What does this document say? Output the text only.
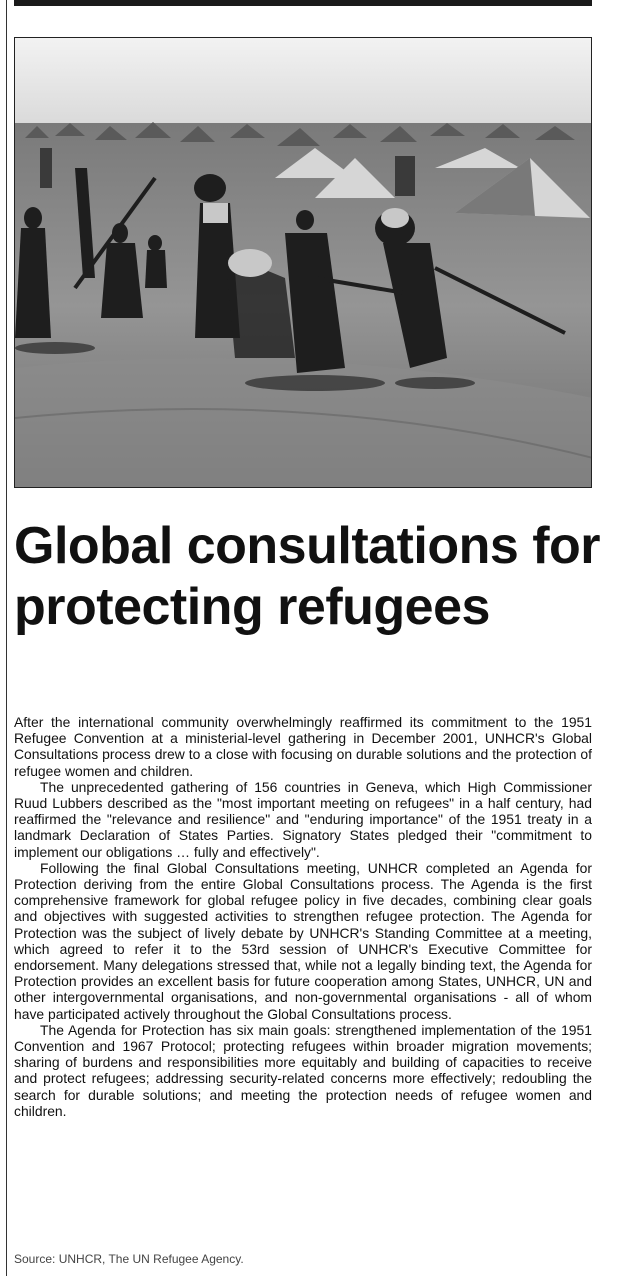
Global consultations for protecting refugees

After the international community overwhelmingly reaffirmed its commitment to the 1951 Refugee Convention at a ministerial-level gathering in December 2001, UNHCR's Global Consultations process drew to a close with focusing on durable solutions and the protection of refugee women and children.

The unprecedented gathering of 156 countries in Geneva, which High Commissioner Ruud Lubbers described as the "most important meeting on refugees" in a half century, had reaffirmed the "relevance and resilience" and "enduring importance" of the 1951 treaty in a landmark Declaration of States Parties. Signatory States pledged their "commitment to implement our obligations … fully and effectively".

Following the final Global Consultations meeting, UNHCR completed an Agenda for Protection deriving from the entire Global Consultations process. The Agenda is the first comprehensive framework for global refugee policy in five decades, combining clear goals and objectives with suggested activities to strengthen refugee protection. The Agenda for Protection was the subject of lively debate by UNHCR's Standing Committee at a meeting, which agreed to refer it to the 53rd session of UNHCR's Executive Committee for endorsement. Many delegations stressed that, while not a legally binding text, the Agenda for Protection provides an excellent basis for future cooperation among States, UNHCR, UN and other intergovernmental organisations, and non-governmental organisations - all of whom have participated actively throughout the Global Consultations process.

The Agenda for Protection has six main goals: strengthened implementation of the 1951 Convention and 1967 Protocol; protecting refugees within broader migration movements; sharing of burdens and responsibilities more equitably and building of capacities to receive and protect refugees; addressing security-related concerns more effectively; redoubling the search for durable solutions; and meeting the protection needs of refugee women and children.

Source: UNHCR, The UN Refugee Agency.
